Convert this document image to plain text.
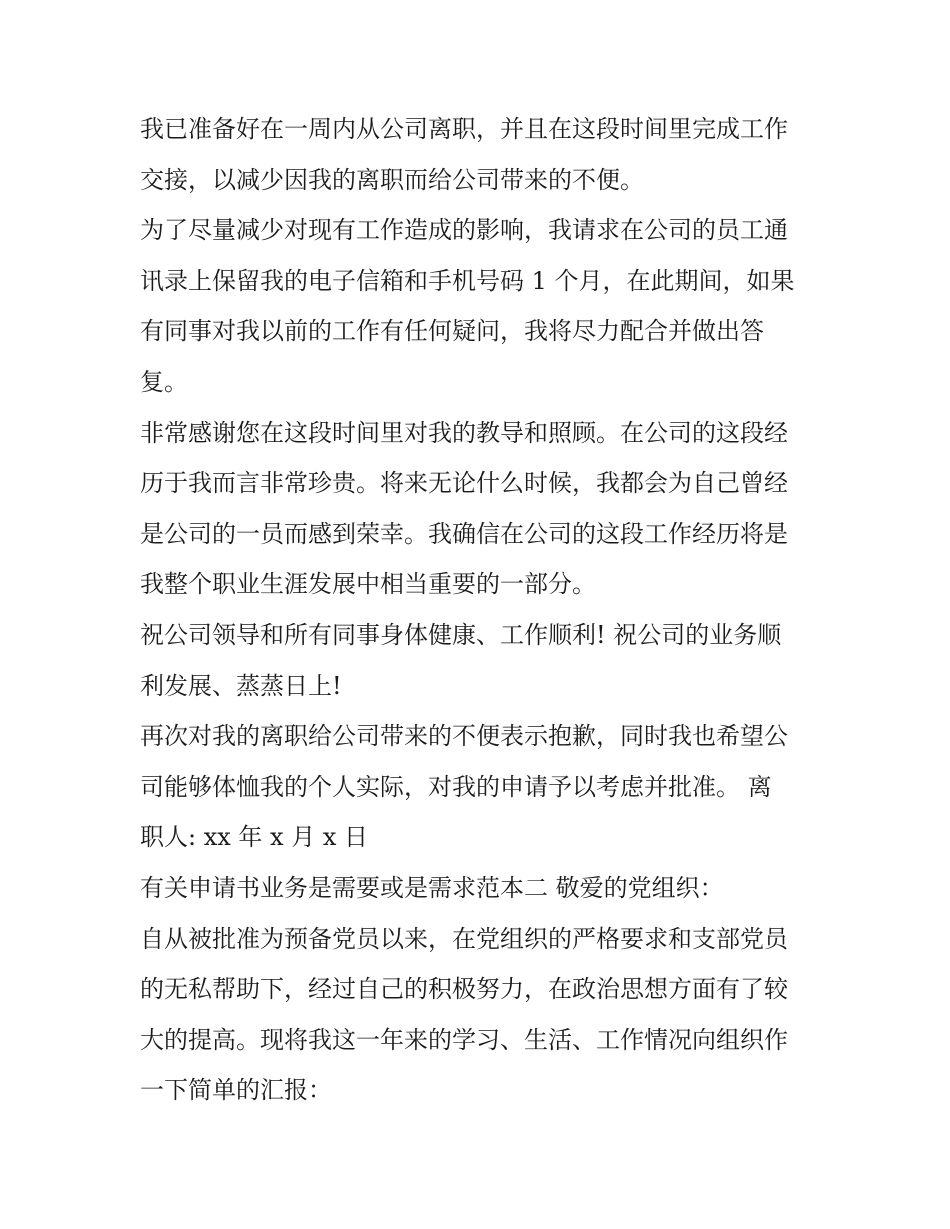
我已准备好在一周内从公司离职，并且在这段时间里完成工作

交接，以减少因我的离职而给公司带来的不便。

为了尽量减少对现有工作造成的影响，我请求在公司的员工通

讯录上保留我的电子信箱和手机号码 1 个月，在此期间，如果

有同事对我以前的工作有任何疑问，我将尽力配合并做出答

复。

非常感谢您在这段时间里对我的教导和照顾。在公司的这段经

历于我而言非常珍贵。将来无论什么时候，我都会为自己曾经

是公司的一员而感到荣幸。我确信在公司的这段工作经历将是

我整个职业生涯发展中相当重要的一部分。

祝公司领导和所有同事身体健康、工作顺利! 祝公司的业务顺

利发展、蒸蒸日上!

再次对我的离职给公司带来的不便表示抱歉，同时我也希望公

司能够体恤我的个人实际，对我的申请予以考虑并批准。 离

职人: xx 年 x 月 x 日

有关申请书业务是需要或是需求范本二 敬爱的党组织：

自从被批准为预备党员以来，在党组织的严格要求和支部党员

的无私帮助下，经过自己的积极努力，在政治思想方面有了较

大的提高。现将我这一年来的学习、生活、工作情况向组织作

一下简单的汇报：
